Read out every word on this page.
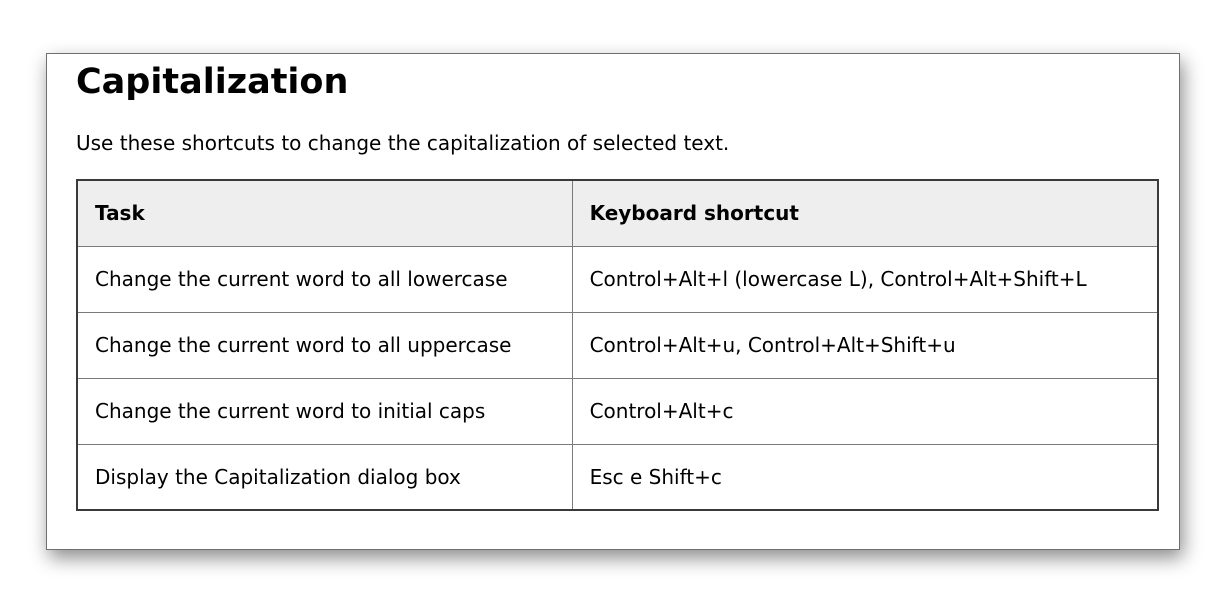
Capitalization

Use these shortcuts to change the capitalization of selected text.

Task	Keyboard shortcut
Change the current word to all lowercase	Control+Alt+l (lowercase L), Control+Alt+Shift+L
Change the current word to all uppercase	Control+Alt+u, Control+Alt+Shift+u
Change the current word to initial caps	Control+Alt+c
Display the Capitalization dialog box	Esc e Shift+c
